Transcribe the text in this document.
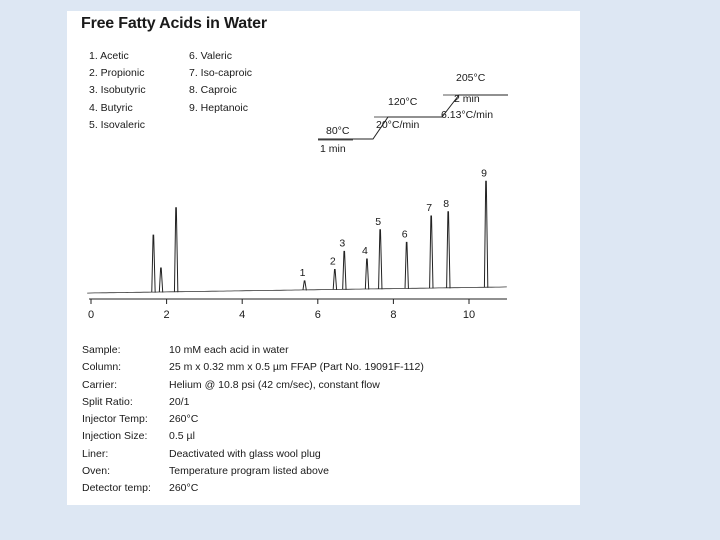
Free Fatty Acids in Water
1. Acetic
2. Propionic
3. Isobutyric
4. Butyric
5. Isovaleric
6. Valeric
7. Iso-caproic
8. Caproic
9. Heptanoic
80°C
1 min
120°C
20°C/min
205°C
2 min
6.13°C/min
0	2	4	6	8	10
1
2
3
4
5
6
7 8
9
Sample:	10 mM each acid in water
Column:	25 m x 0.32 mm x 0.5 µm FFAP (Part No. 19091F-112)
Carrier:	Helium @ 10.8 psi (42 cm/sec), constant flow
Split Ratio:	20/1
Injector Temp:	260°C
Injection Size:	0.5 µl
Liner:	Deactivated with glass wool plug
Oven:	Temperature program listed above
Detector temp:	260°C
